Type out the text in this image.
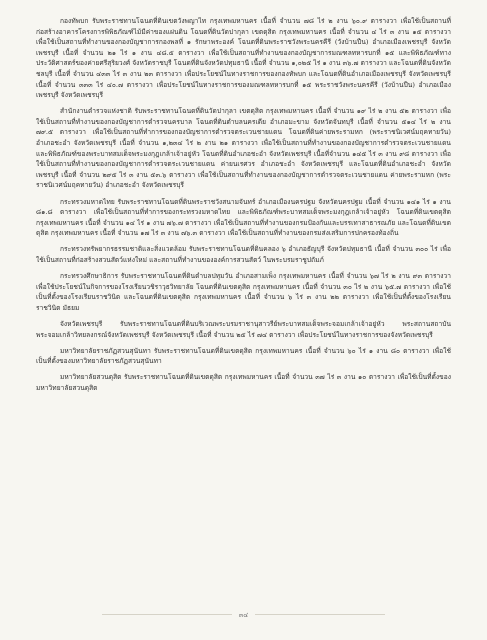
กองทัพบก รับพระราชทานโฉนดที่ดินเขตวังพญาไท กรุงเทพมหานคร เนื้อที่ จำนวน ๗๘ ไร่ ๒ งาน ๖๐.๙ ตารางวา เพื่อใช้เป็นสถานที่ก่อสร้างอาคารโครงการพิพิธภัณฑ์ไม้มีค่าของแผ่นดิน โฉนดที่ดินวัดปากุลา เขตดุสิต กรุงเทพมหานคร เนื้อที่ จำนวน ๔ ไร่ ๓ งาน ๑๕ ตารางวา เพื่อใช้เป็นสถานที่ทำงานของกองบัญชาการกองพลที่ ๑ รักษาพระองค์ โฉนดที่ดินพระราชวังพระนครคีรี (วังบ้านปืน) อำเภอเมืองเพชรบุรี จังหวัดเพชรบุรี เนื้อที่ จำนวน ๒๑ ไร่ ๑ งาน ๔๘.๕ ตารางวา เพื่อใช้เป็นสถานที่ทำงานของกองบัญชาการมณฑลทหารบกที่ ๑๕ และพิพิธภัณฑ์ทางประวัติศาสตร์ของค่ายศรีสุริยวงศ์ จังหวัดราชบุรี โฉนดที่ดินจังหวัดปทุมธานี เนื้อที่ จำนวน ๑,๐๒๕ ไร่ ๑ งาน ๓๖.๗ ตารางวา และโฉนดที่ดินจังหวัดชลบุรี เนื้อที่ จำนวน ๔๓๓ ไร่ ๓ งาน ๒๓ ตารางวา เพื่อประโยชน์ในทางราชการของกองทัพบก และโฉนดที่ดินอำเภอเมืองเพชรบุรี จังหวัดเพชรบุรี เนื้อที่ จำนวน ๓๓๓ ไร่ ๔๐.๗ ตารางวา เพื่อประโยชน์ในทางราชการของมณฑลทหารบกที่ ๑๕ พระราชวังพระนครคีรี (วังบ้านปืน) อำเภอเมืองเพชรบุรี จังหวัดเพชรบุรี

สำนักงานตำรวจแห่งชาติ รับพระราชทานโฉนดที่ดินวัดปากุลา เขตดุสิต กรุงเทพมหานคร เนื้อที่ จำนวน ๑๙ ไร่ ๒ งาน ๕๒ ตารางวา เพื่อใช้เป็นสถานที่ทำงานของกองบัญชาการตำรวจนครบาล โฉนดที่ดินตำบลนครเดีย อำเภอมะขาม จังหวัดจันทบุรี เนื้อที่ จำนวน ๕๑๔ ไร่ ๒ งาน ๗๙.๕ ตารางวา เพื่อใช้เป็นสถานที่ทำการของกองบัญชาการตำรวจตระเวนชายแดน โฉนดที่ดินค่ายพระรามหก (พระราชนิเวศน์มฤคทายวัน) อำเภอชะอำ จังหวัดเพชรบุรี เนื้อที่ จำนวน ๑,๒๓๔ ไร่ ๒ งาน ๒๑ ตารางวา เพื่อใช้เป็นสถานที่ทำงานของกองบัญชาการตำรวจตระเวนชายแดน และพิพิธภัณฑ์ของพระบาทสมเด็จพระมงกุฎเกล้าเจ้าอยู่หัว โฉนดที่ดินอำเภอชะอำ จังหวัดเพชรบุรี เนื้อที่จำนวน ๑๔๕ ไร่ ๓ งาน ๙๘ ตารางวา เพื่อใช้เป็นสถานที่ทำงานของกองบัญชาการตำรวจตระเวนชายแดน ค่ายนเรศวร อำเภอชะอำ จังหวัดเพชรบุรี และโฉนดที่ดินอำเภอชะอำ จังหวัดเพชรบุรี เนื้อที่ จำนวน ๒๙๕ ไร่ ๓ งาน ๕๓.๖ ตารางวา เพื่อใช้เป็นสถานที่ทำงานของกองบัญชาการตำรวจตระเวนชายแดน ค่ายพระรามหก (พระราชนิเวศน์มฤคทายวัน) อำเภอชะอำ จังหวัดเพชรบุรี

กระทรวงมหาดไทย รับพระราชทานโฉนดที่ดินพระราชวังสนามจันทร์ อำเภอเมืองนครปฐม จังหวัดนครปฐม เนื้อที่ จำนวน ๑๔๑ ไร่ ๑ งาน ๘๑.๘ ตารางวา เพื่อใช้เป็นสถานที่ทำการของกระทรวงมหาดไทย และพิพิธภัณฑ์พระบาทสมเด็จพระมงกุฎเกล้าเจ้าอยู่หัว โฉนดที่ดินเขตดุสิต กรุงเทพมหานคร เนื้อที่ จำนวน ๑๔ ไร่ ๑ งาน ๗๖.๗ ตารางวา เพื่อใช้เป็นสถานที่ทำงานของกรมป้องกันและบรรเทาสาธารณภัย และโฉนดที่ดินเขตดุสิต กรุงเทพมหานคร เนื้อที่ จำนวน ๑๗ ไร่ ๓ งาน ๗๖.๓ ตารางวา เพื่อใช้เป็นสถานที่ทำงานของกรมส่งเสริมการปกครองท้องถิ่น

กระทรวงทรัพยากรธรรมชาติและสิ่งแวดล้อม รับพระราชทานโฉนดที่ดินคลอง ๖ อำเภอธัญบุรี จังหวัดปทุมธานี เนื้อที่ จำนวน ๓๐๐ ไร่ เพื่อใช้เป็นสถานที่ก่อสร้างสวนสัตว์แห่งใหม่ และสถานที่ทำงานขององค์การสวนสัตว์ ในพระบรมราชูปถัมภ์

กระทรวงศึกษาธิการ รับพระราชทานโฉนดที่ดินตำบลปทุมวัน อำเภอสามเพ็ง กรุงเทพมหานคร เนื้อที่ จำนวน ๖๗ ไร่ ๒ งาน ๙๓ ตารางวา เพื่อใช้ประโยชน์ในกิจการของโรงเรียนวชิราวุธวิทยาลัย โฉนดที่ดินเขตดุสิต กรุงเทพมหานคร เนื้อที่ จำนวน ๓๐ ไร่ ๒ งาน ๖๕.๗ ตารางวา เพื่อใช้เป็นที่ตั้งของโรงเรียนราชวินิต และโฉนดที่ดินเขตดุสิต กรุงเทพมหานคร เนื้อที่ จำนวน ๖ ไร่ ๓ งาน ๒๒ ตารางวา เพื่อใช้เป็นที่ตั้งของโรงเรียนราชวินิต มัธยม

จังหวัดเพชรบุรี รับพระราชทานโฉนดที่ดินบริเวณพระบรมราชานุสาวรีย์พระบาทสมเด็จพระจอมเกล้าเจ้าอยู่หัว พระสถานสถาบันพระจอมเกล้าวิทยลงกรณ์จังหวัดเพชรบุรี จังหวัดเพชรบุรี เนื้อที่ จำนวน ๒๕ ไร่ ๗๔ ตารางวา เพื่อประโยชน์ในทางราชการของจังหวัดเพชรบุรี

มหาวิทยาลัยราชภัฏสวนสุนันทา รับพระราชทานโฉนดที่ดินเขตดุสิต กรุงเทพมหานคร เนื้อที่ จำนวน ๖๐ ไร่ ๑ งาน ๘๐ ตารางวา เพื่อใช้เป็นที่ตั้งของมหาวิทยาลัยราชภัฏสวนสุนันทา

มหาวิทยาลัยสวนดุสิต รับพระราชทานโฉนดที่ดินเขตดุสิต กรุงเทพมหานคร เนื้อที่ จำนวน ๓๗ ไร่ ๓ งาน ๑๐ ตารางวา เพื่อใช้เป็นที่ตั้งของมหาวิทยาลัยสวนดุสิต

๓๔
